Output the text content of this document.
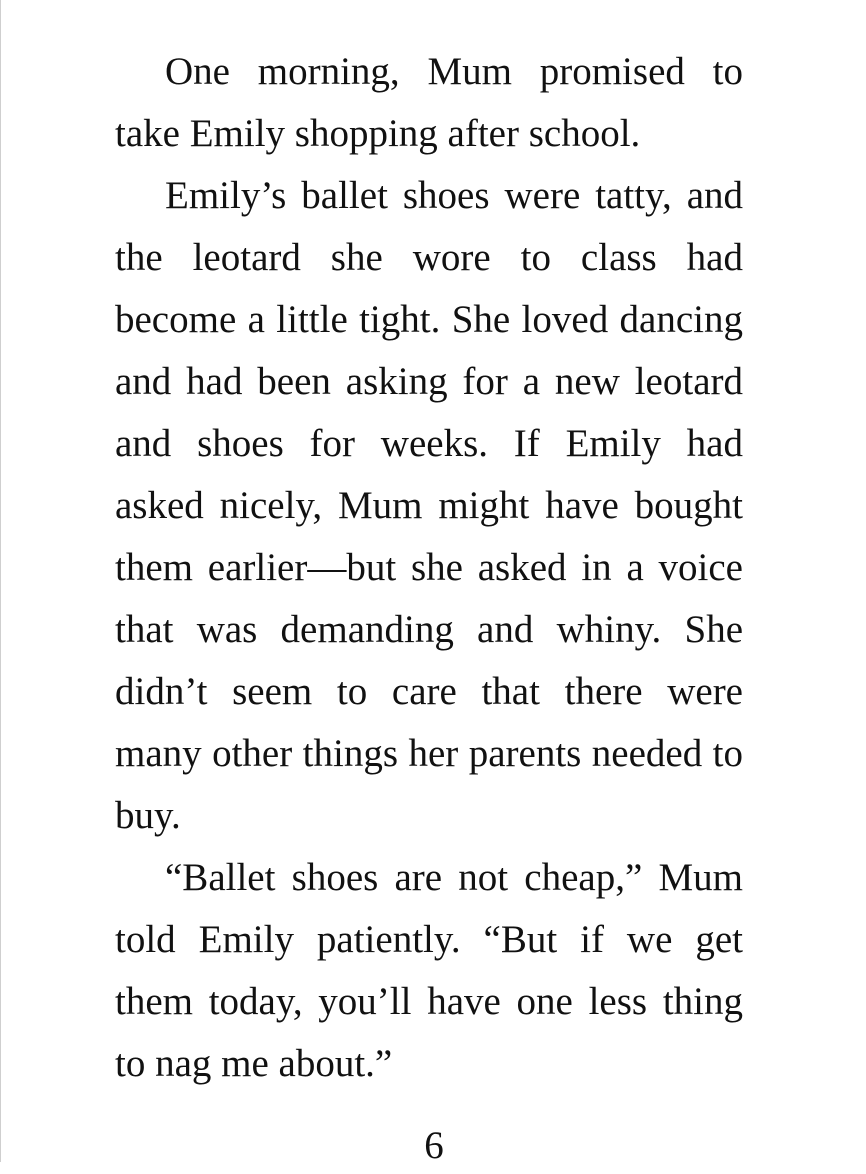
One morning, Mum promised to take Emily shopping after school.

Emily’s ballet shoes were tatty, and the leotard she wore to class had become a little tight. She loved dancing and had been asking for a new leotard and shoes for weeks. If Emily had asked nicely, Mum might have bought them earlier—but she asked in a voice that was demanding and whiny. She didn’t seem to care that there were many other things her parents needed to buy.

“Ballet shoes are not cheap,” Mum told Emily patiently. “But if we get them today, you’ll have one less thing to nag me about.”

6
